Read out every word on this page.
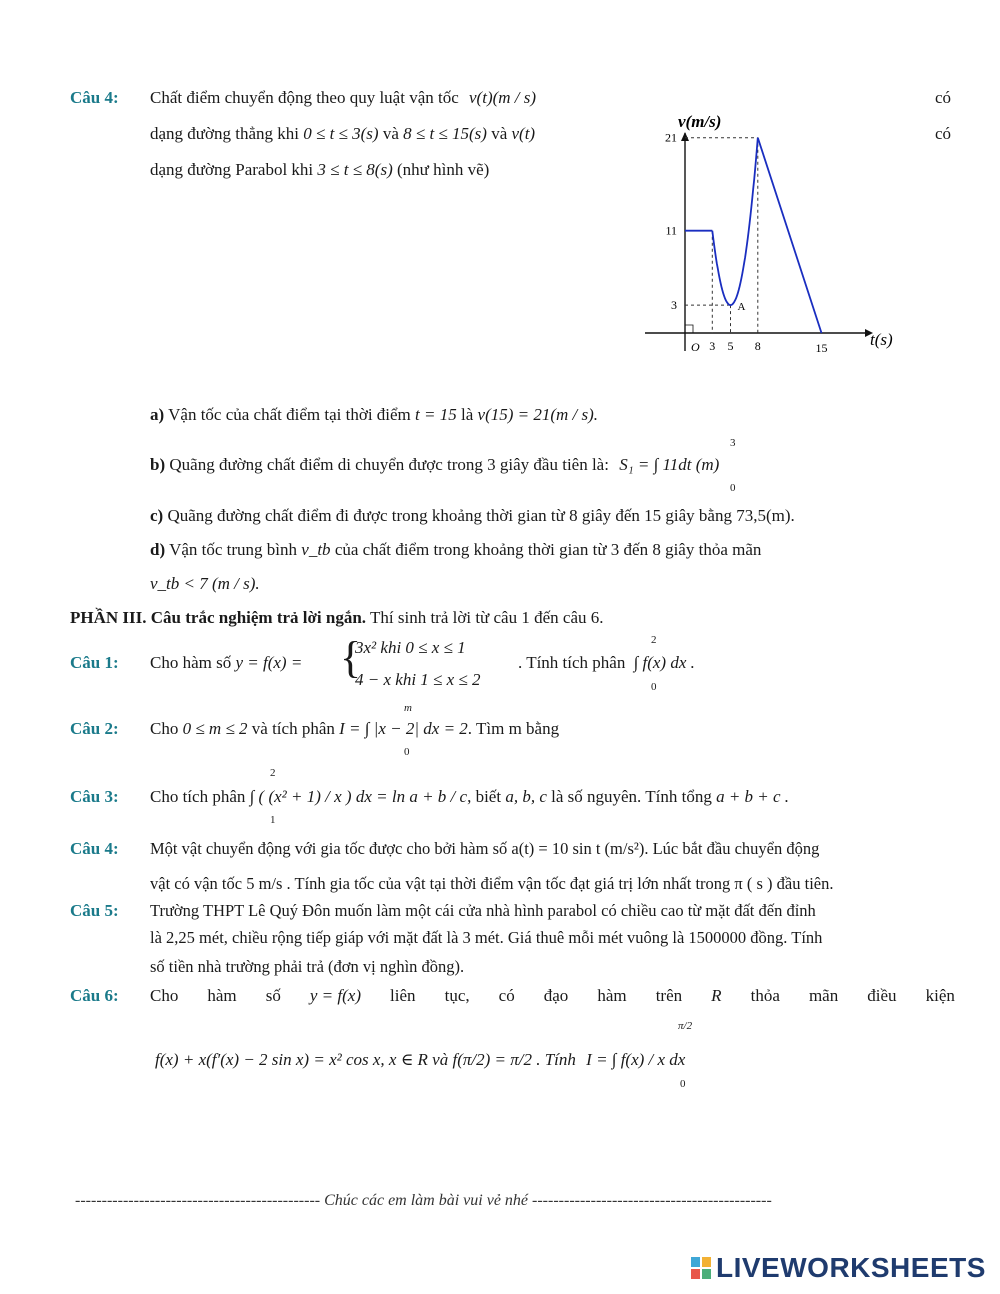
Câu 4: Chất điểm chuyển động theo quy luật vận tốc v(t)(m / s)	có
dạng đường thẳng khi 0 ≤ t ≤ 3(s) và 8 ≤ t ≤ 15(s) và v(t)	có
dạng đường Parabol khi 3 ≤ t ≤ 8(s) (như hình vẽ)
21
11
3
3 5 8	15
O
A
v(m/s)
t(s)
a) Vận tốc của chất điểm tại thời điểm t = 15 là v(15) = 21(m / s).
b) Quãng đường chất điểm di chuyển được trong 3 giây đầu tiên là: S₁ = ∫ 11dt (m)
3
0
c) Quãng đường chất điểm đi được trong khoảng thời gian từ 8 giây đến 15 giây bằng 73,5(m).
d) Vận tốc trung bình v_tb của chất điểm trong khoảng thời gian từ 3 đến 8 giây thỏa mãn
v_tb < 7 (m / s).
PHẦN III. Câu trắc nghiệm trả lời ngắn. Thí sinh trả lời từ câu 1 đến câu 6.
Câu 1: Cho hàm số y = f(x) = {
3x² khi 0 ≤ x ≤ 1
4 − x khi 1 ≤ x ≤ 2
. Tính tích phân ∫ f(x) dx .
2
0
Câu 2: Cho 0 ≤ m ≤ 2 và tích phân I = ∫ |x − 2| dx = 2. Tìm m bằng
m
0
Câu 3: Cho tích phân ∫ ( (x² + 1) / x ) dx = ln a + b / c, biết a, b, c là số nguyên. Tính tổng a + b + c .
2
1
Câu 4: Một vật chuyển động với gia tốc được cho bởi hàm số a(t) = 10 sin t (m/s²). Lúc bắt đầu chuyển động
vật có vận tốc 5 m/s . Tính gia tốc của vật tại thời điểm vận tốc đạt giá trị lớn nhất trong π ( s ) đầu tiên.
Câu 5: Trường THPT Lê Quý Đôn muốn làm một cái cửa nhà hình parabol có chiều cao từ mặt đất đến đỉnh
là 2,25 mét, chiều rộng tiếp giáp với mặt đất là 3 mét. Giá thuê mỗi mét vuông là 1500000 đồng. Tính
số tiền nhà trường phải trả (đơn vị nghìn đồng).
Câu 6: Cho hàm số y = f(x) liên tục, có đạo hàm trên R thỏa mãn điều kiện
f(x) + x(f′(x) − 2 sin x) = x² cos x, x ∈ R và f(π/2) = π/2 . Tính I = ∫ f(x) / x dx
π/2
0
---------------------------------------------- Chúc các em làm bài vui vẻ nhé ---------------------------------------------
LIVEWORKSHEETS
